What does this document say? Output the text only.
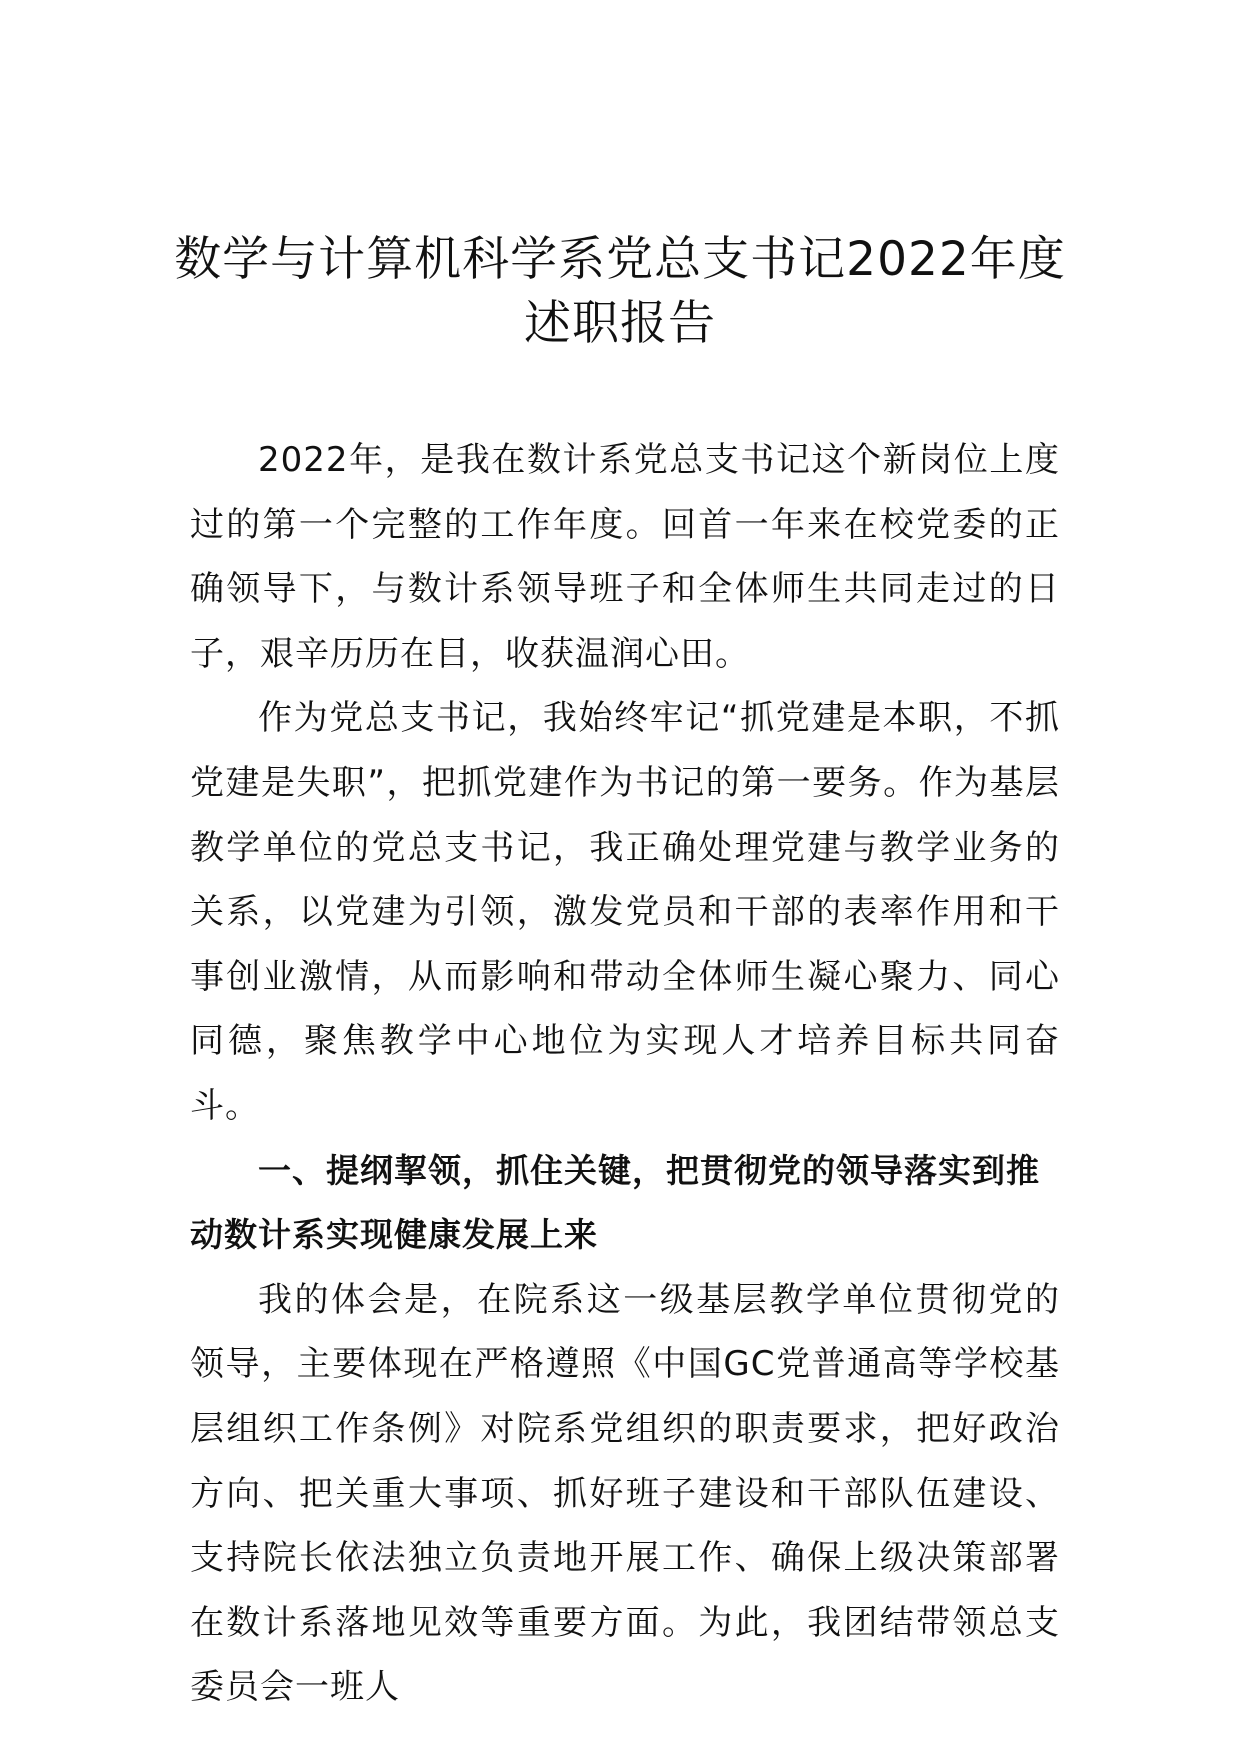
数学与计算机科学系党总支书记2022年度
述职报告

2022年，是我在数计系党总支书记这个新岗位上度过的第一个完整的工作年度。回首一年来在校党委的正确领导下，与数计系领导班子和全体师生共同走过的日子，艰辛历历在目，收获温润心田。

作为党总支书记，我始终牢记“抓党建是本职，不抓党建是失职”，把抓党建作为书记的第一要务。作为基层教学单位的党总支书记，我正确处理党建与教学业务的关系，以党建为引领，激发党员和干部的表率作用和干事创业激情，从而影响和带动全体师生凝心聚力、同心同德，聚焦教学中心地位为实现人才培养目标共同奋斗。

一、提纲挈领，抓住关键，把贯彻党的领导落实到推动数计系实现健康发展上来

我的体会是，在院系这一级基层教学单位贯彻党的领导，主要体现在严格遵照《中国GC党普通高等学校基层组织工作条例》对院系党组织的职责要求，把好政治方向、把关重大事项、抓好班子建设和干部队伍建设、支持院长依法独立负责地开展工作、确保上级决策部署在数计系落地见效等重要方面。为此，我团结带领总支委员会一班人
